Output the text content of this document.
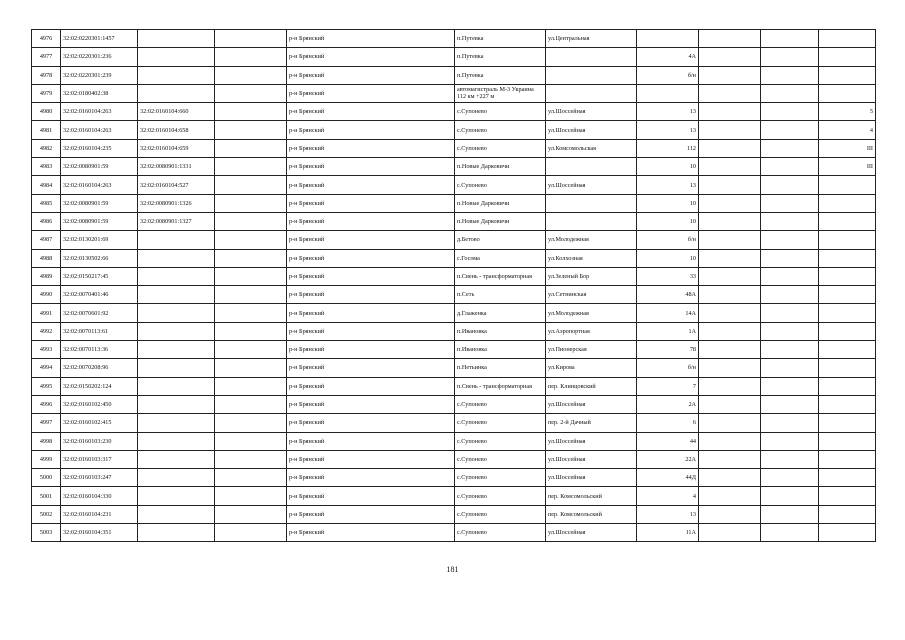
4976	32:02:0220301:1457			р-н Брянский	п.Путевка	ул.Центральная				
4977	32:02:0220301:236			р-н Брянский	п.Путевка		4А			
4978	32:02:0220301:239			р-н Брянский	п.Путевка		б/н			
4979	32:02:0180402:38			р-н Брянский	автомагистраль М-3 Украина 112 км +227 м					
4980	32:02:0160104:263	32:02:0160104:660		р-н Брянский	с.Супонево	ул.Шоссейная	13			5
4981	32:02:0160104:263	32:02:0160104:658		р-н Брянский	с.Супонево	ул.Шоссейная	13			4
4982	32:02:0160104:235	32:02:0160104:659		р-н Брянский	с.Супонево	ул.Комсомольская	112			III
4983	32:02:0080901:59	32:02:0080901:1331		р-н Брянский	п.Новые Дарковичи		10			III
4984	32:02:0160104:263	32:02:0160104:527		р-н Брянский	с.Супонево	ул.Шоссейная	13			
4985	32:02:0080901:59	32:02:0080901:1326		р-н Брянский	п.Новые Дарковичи		10			
4986	32:02:0080901:59	32:02:0080901:1327		р-н Брянский	п.Новые Дарковичи		10			
4987	32:02:0130201:69			р-н Брянский	д.Бетово	ул.Молодежная	б/н			
4988	32:02:0130502:66			р-н Брянский	с.Госома	ул.Колхозная	10			
4989	32:02:0150217:45			р-н Брянский	п.Свень - трансформаторная	ул.Зеленый Бор	33			
4990	32:02:0070401:46			р-н Брянский	п.Сеть	ул.Сетнинская	48А			
4991	32:02:0070601:92			р-н Брянский	д.Глаженка	ул.Молодежная	14А			
4992	32:02:0070113:61			р-н Брянский	п.Ивановка	ул.Аэропортная	1А			
4993	32:02:0070113:36			р-н Брянский	п.Ивановка	ул.Пионерская	78			
4994	32:02:0070208:96			р-н Брянский	п.Нетьинка	ул.Кирова	б/н			
4995	32:02:0150202:124			р-н Брянский	п.Свень - трансформаторная	пер. Клинцовский	7			
4996	32:02:0160102:450			р-н Брянский	с.Супонево	ул.Шоссейная	2А			
4997	32:02:0160102:415			р-н Брянский	с.Супонево	пер. 2-й Дачный	6			
4998	32:02:0160103:230			р-н Брянский	с.Супонево	ул.Шоссейная	44			
4999	32:02:0160103:317			р-н Брянский	с.Супонево	ул.Шоссейная	22А			
5000	32:02:0160103:247			р-н Брянский	с.Супонево	ул.Шоссейная	44Д			
5001	32:02:0160104:330			р-н Брянский	с.Супонево	пер. Комсомольский	4			
5002	32:02:0160104:231			р-н Брянский	с.Супонево	пер. Комсомольский	13			
5003	32:02:0160104:351			р-н Брянский	с.Супонево	ул.Шоссейная	11А			
181
